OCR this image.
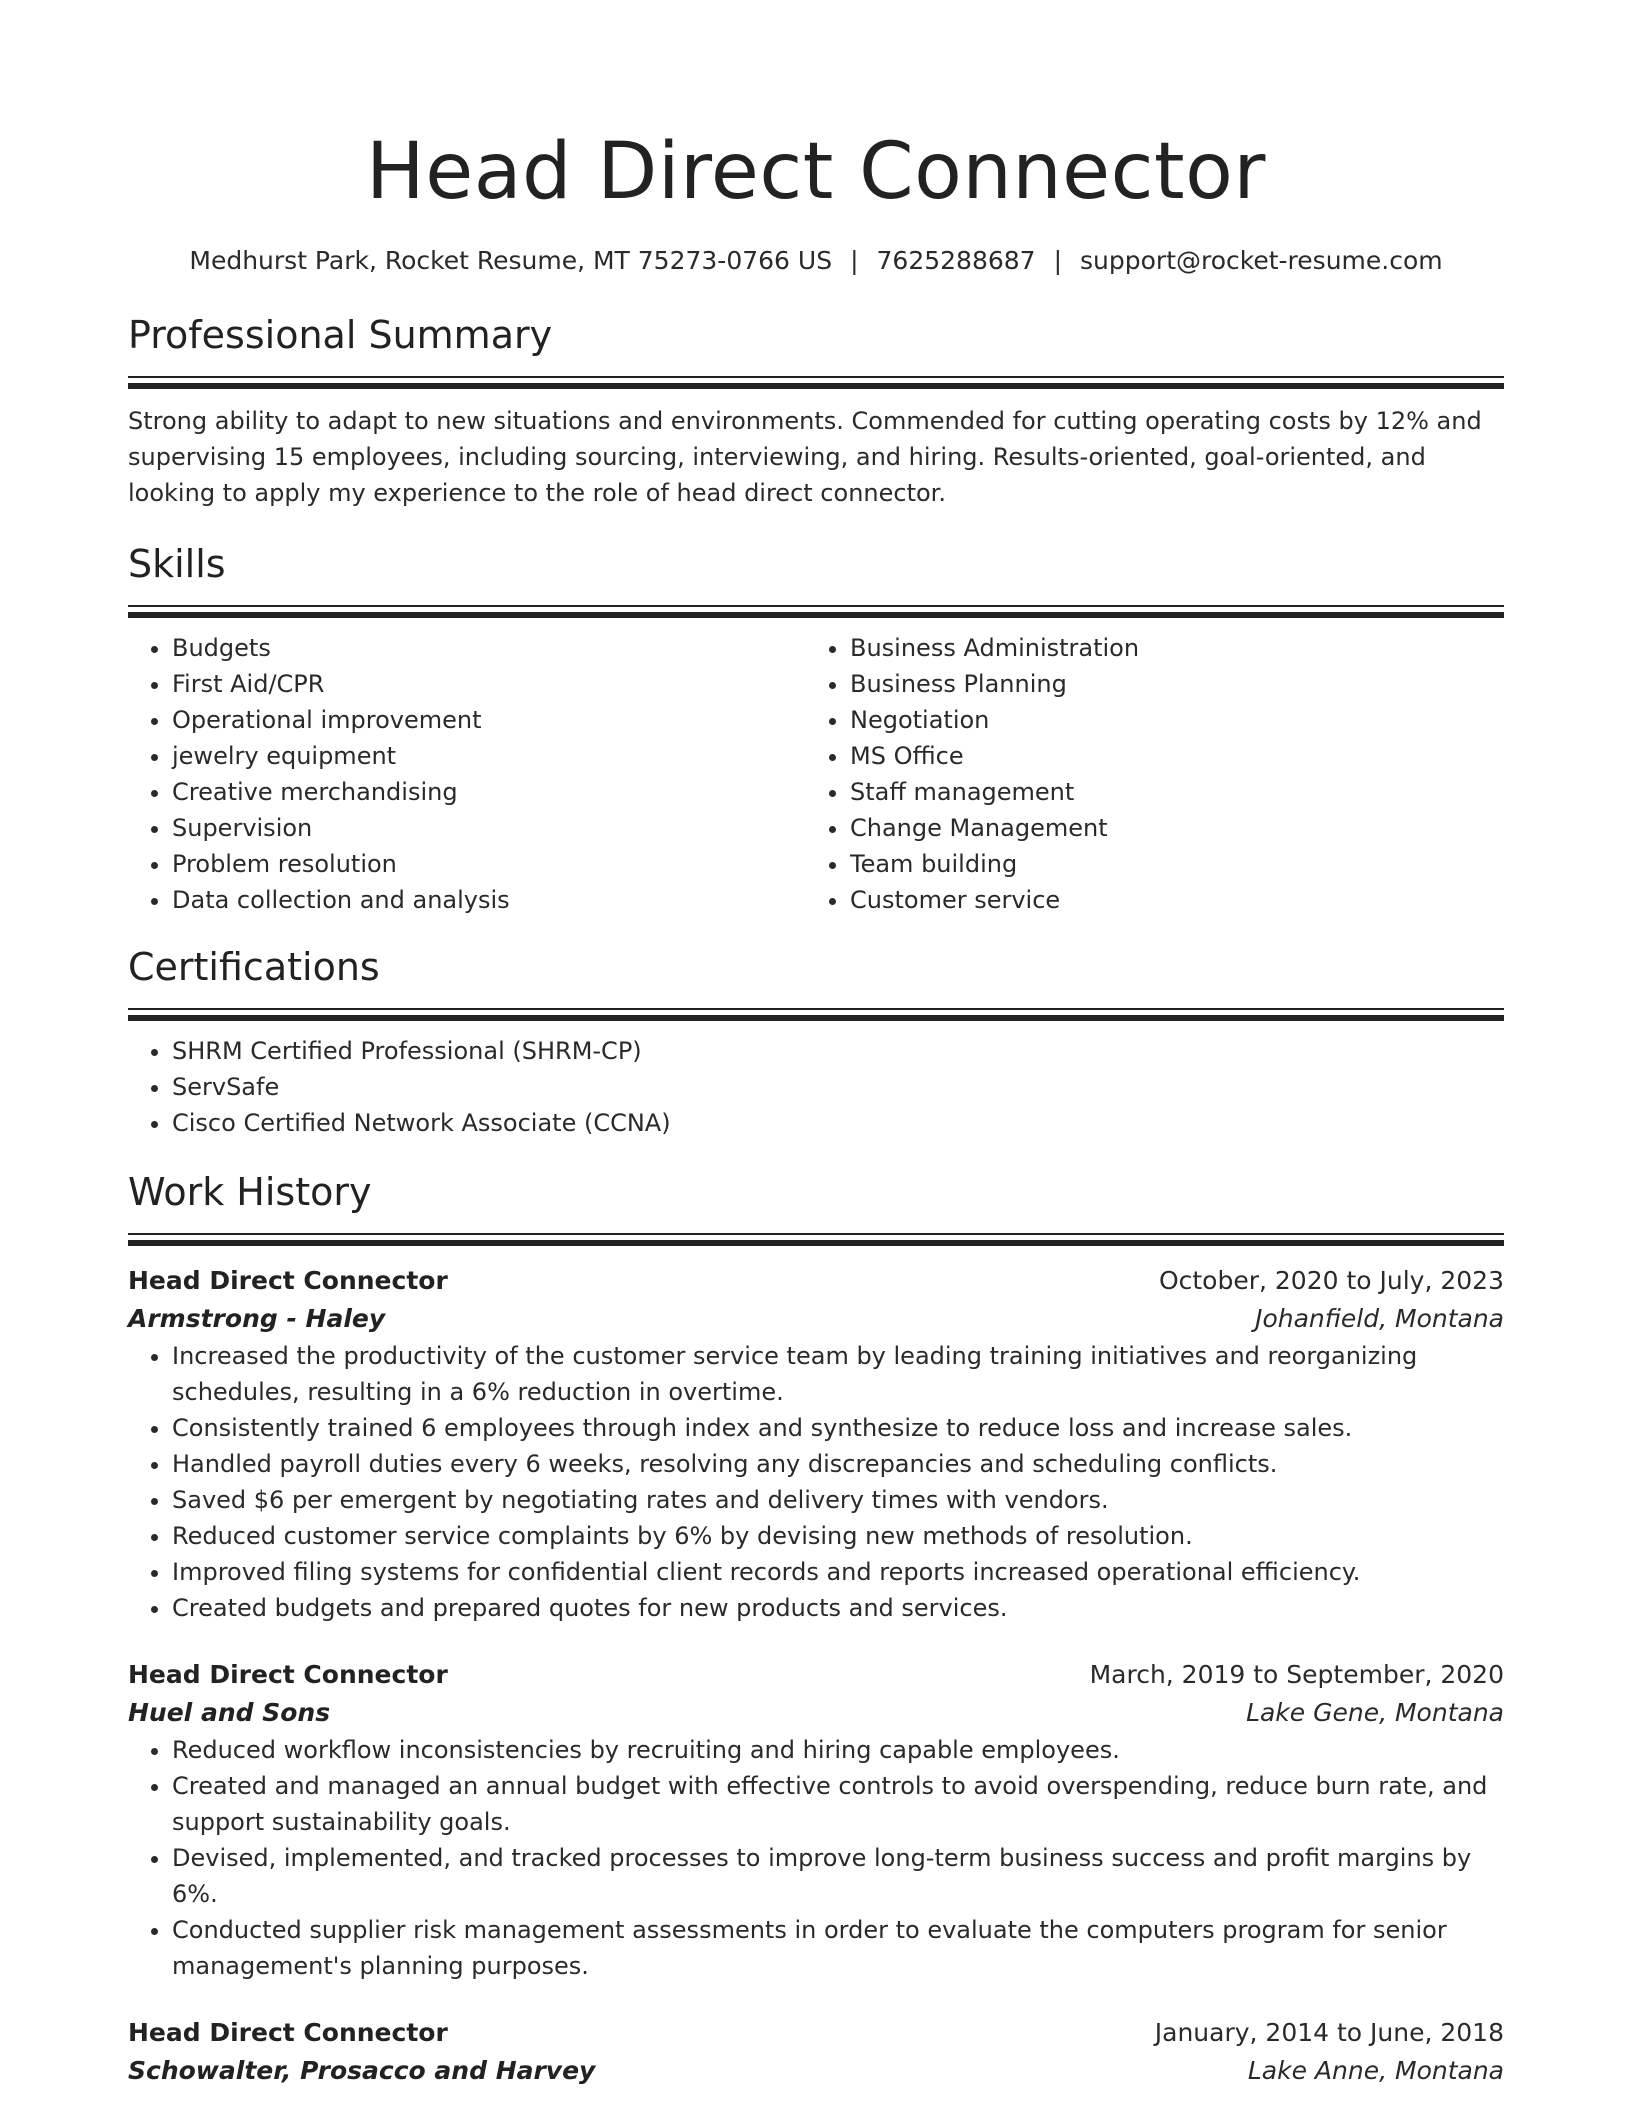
Head Direct Connector
Medhurst Park, Rocket Resume, MT 75273-0766 US | 7625288687 | support@rocket-resume.com
Professional Summary

Strong ability to adapt to new situations and environments. Commended for cutting operating costs by 12% and supervising 15 employees, including sourcing, interviewing, and hiring. Results-oriented, goal-oriented, and looking to apply my experience to the role of head direct connector.

Skills
• Budgets
• First Aid/CPR
• Operational improvement
• jewelry equipment
• Creative merchandising
• Supervision
• Problem resolution
• Data collection and analysis
• Business Administration
• Business Planning
• Negotiation
• MS Office
• Staff management
• Change Management
• Team building
• Customer service
Certifications
• SHRM Certified Professional (SHRM-CP)
• ServSafe
• Cisco Certified Network Associate (CCNA)
Work History
Head Direct Connector	October, 2020 to July, 2023
Armstrong - Haley	Johanfield, Montana
• Increased the productivity of the customer service team by leading training initiatives and reorganizing schedules, resulting in a 6% reduction in overtime.
• Consistently trained 6 employees through index and synthesize to reduce loss and increase sales.
• Handled payroll duties every 6 weeks, resolving any discrepancies and scheduling conflicts.
• Saved $6 per emergent by negotiating rates and delivery times with vendors.
• Reduced customer service complaints by 6% by devising new methods of resolution.
• Improved filing systems for confidential client records and reports increased operational efficiency.
• Created budgets and prepared quotes for new products and services.
Head Direct Connector	March, 2019 to September, 2020
Huel and Sons	Lake Gene, Montana
• Reduced workflow inconsistencies by recruiting and hiring capable employees.
• Created and managed an annual budget with effective controls to avoid overspending, reduce burn rate, and support sustainability goals.
• Devised, implemented, and tracked processes to improve long-term business success and profit margins by 6%.
• Conducted supplier risk management assessments in order to evaluate the computers program for senior management's planning purposes.
Head Direct Connector	January, 2014 to June, 2018
Schowalter, Prosacco and Harvey	Lake Anne, Montana
